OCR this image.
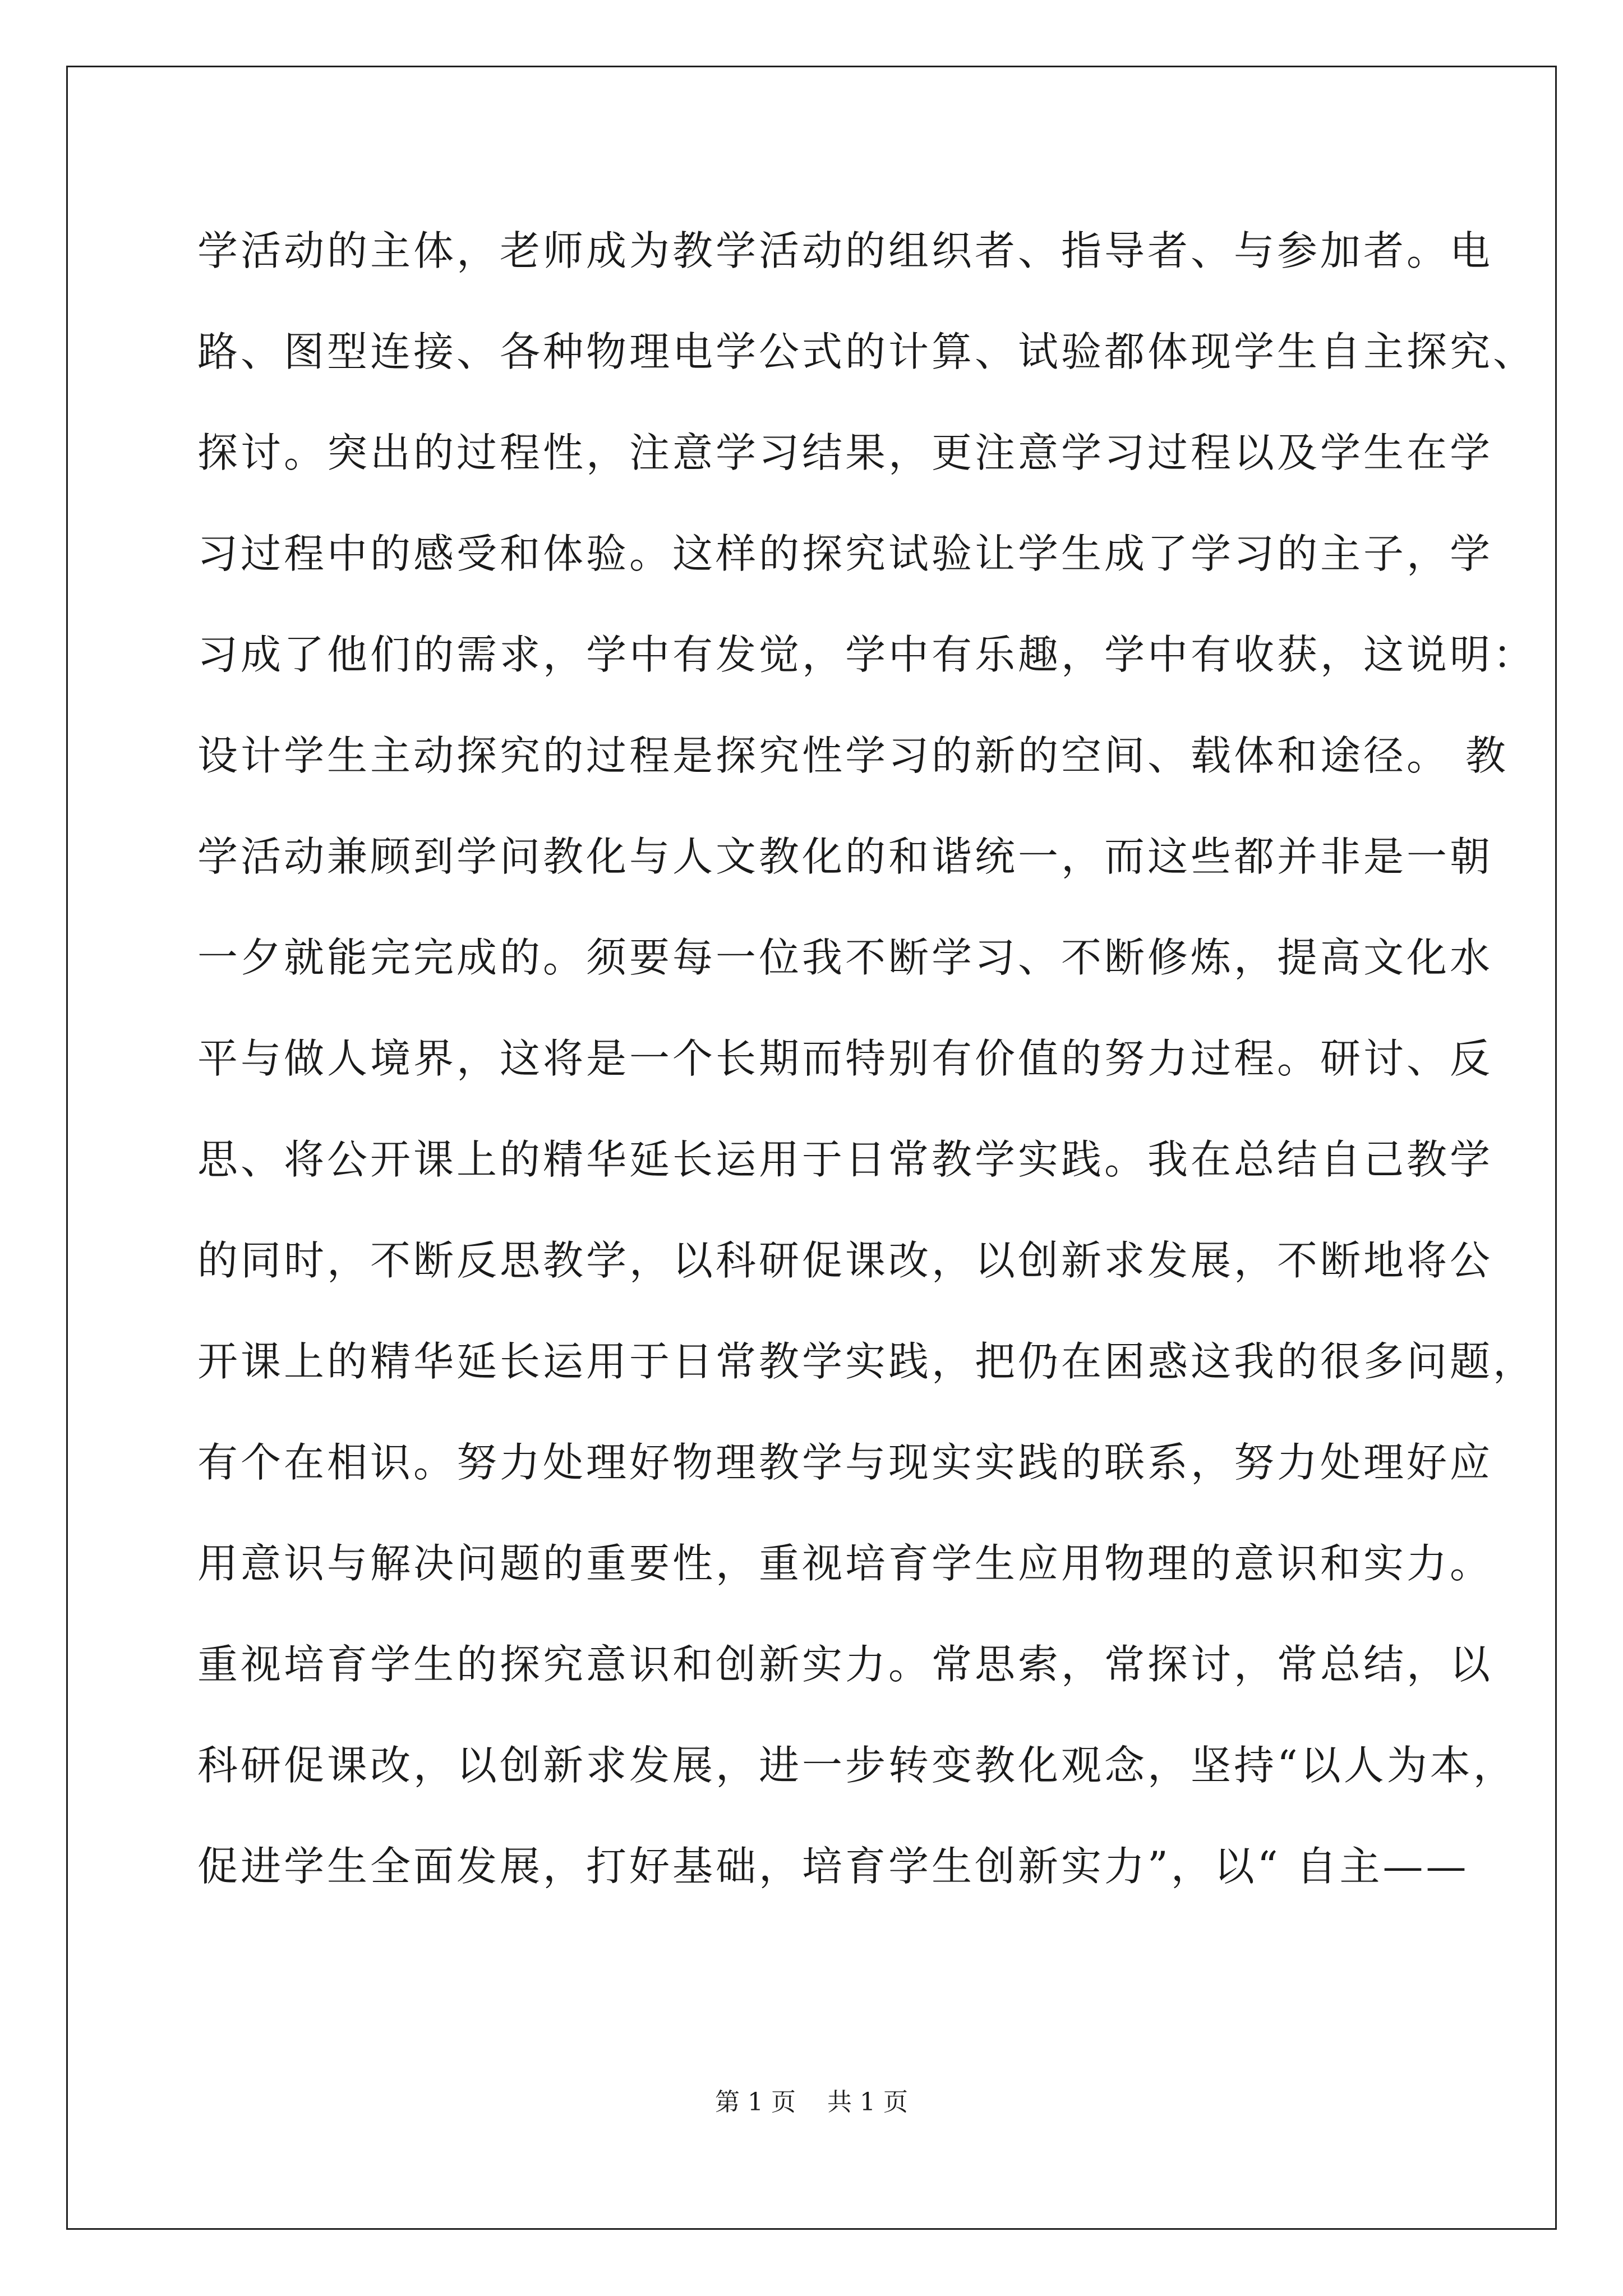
学活动的主体，老师成为教学活动的组织者、指导者、与参加者。电
路、图型连接、各种物理电学公式的计算、试验都体现学生自主探究、
探讨。突出的过程性，注意学习结果，更注意学习过程以及学生在学
习过程中的感受和体验。这样的探究试验让学生成了学习的主子，学
习成了他们的需求，学中有发觉，学中有乐趣，学中有收获，这说明：
设计学生主动探究的过程是探究性学习的新的空间、载体和途径。 教
学活动兼顾到学问教化与人文教化的和谐统一，而这些都并非是一朝
一夕就能完完成的。须要每一位我不断学习、不断修炼，提高文化水
平与做人境界，这将是一个长期而特别有价值的努力过程。研讨、反
思、将公开课上的精华延长运用于日常教学实践。我在总结自己教学
的同时，不断反思教学，以科研促课改，以创新求发展，不断地将公
开课上的精华延长运用于日常教学实践，把仍在困惑这我的很多问题，
有个在相识。努力处理好物理教学与现实实践的联系，努力处理好应
用意识与解决问题的重要性，重视培育学生应用物理的意识和实力。
重视培育学生的探究意识和创新实力。常思索，常探讨，常总结，以
科研促课改，以创新求发展，进一步转变教化观念，坚持“以人为本，
促进学生全面发展，打好基础，培育学生创新实力”，以“ 自主——
第 1 页 共 1 页
